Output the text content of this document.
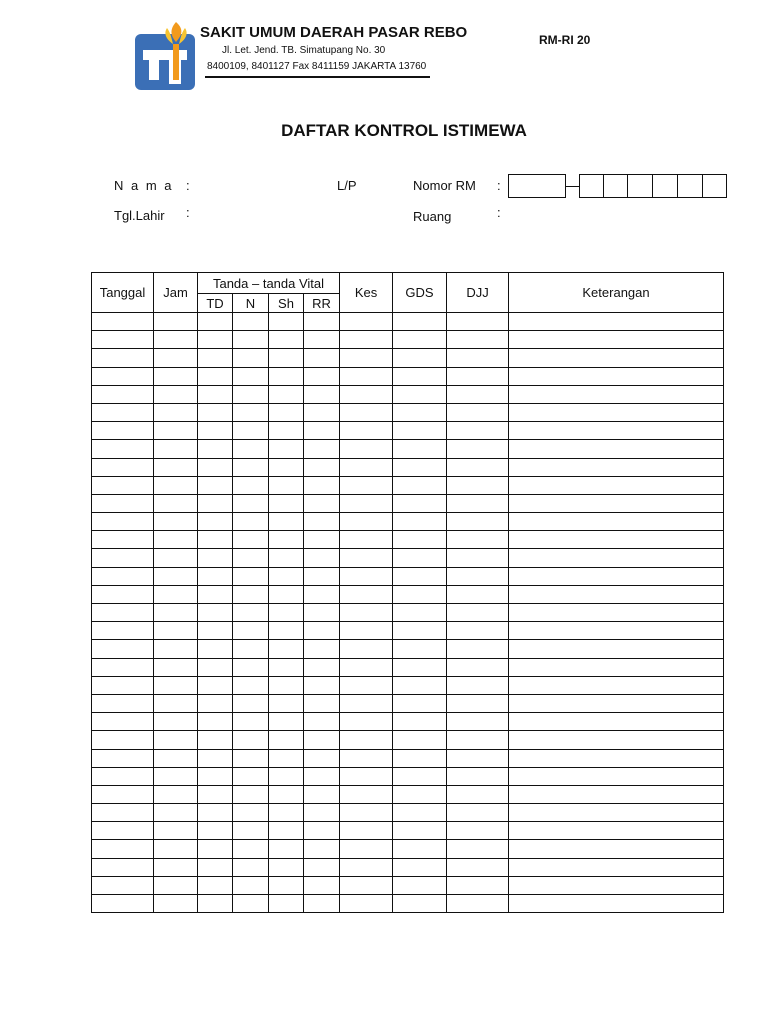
SAKIT UMUM DAERAH PASAR REBO
Jl. Let. Jend. TB. Simatupang No. 30
8400109, 8401127 Fax 8411159 JAKARTA 13760
RM-RI 20
DAFTAR KONTROL ISTIMEWA
N a m a :	L/P	Nomor RM :
Tgl.Lahir :	Ruang	:
Tanggal	Jam	Tanda – tanda Vital				Kes	GDS	DJJ	Keterangan
		TD	N	Sh	RR				
